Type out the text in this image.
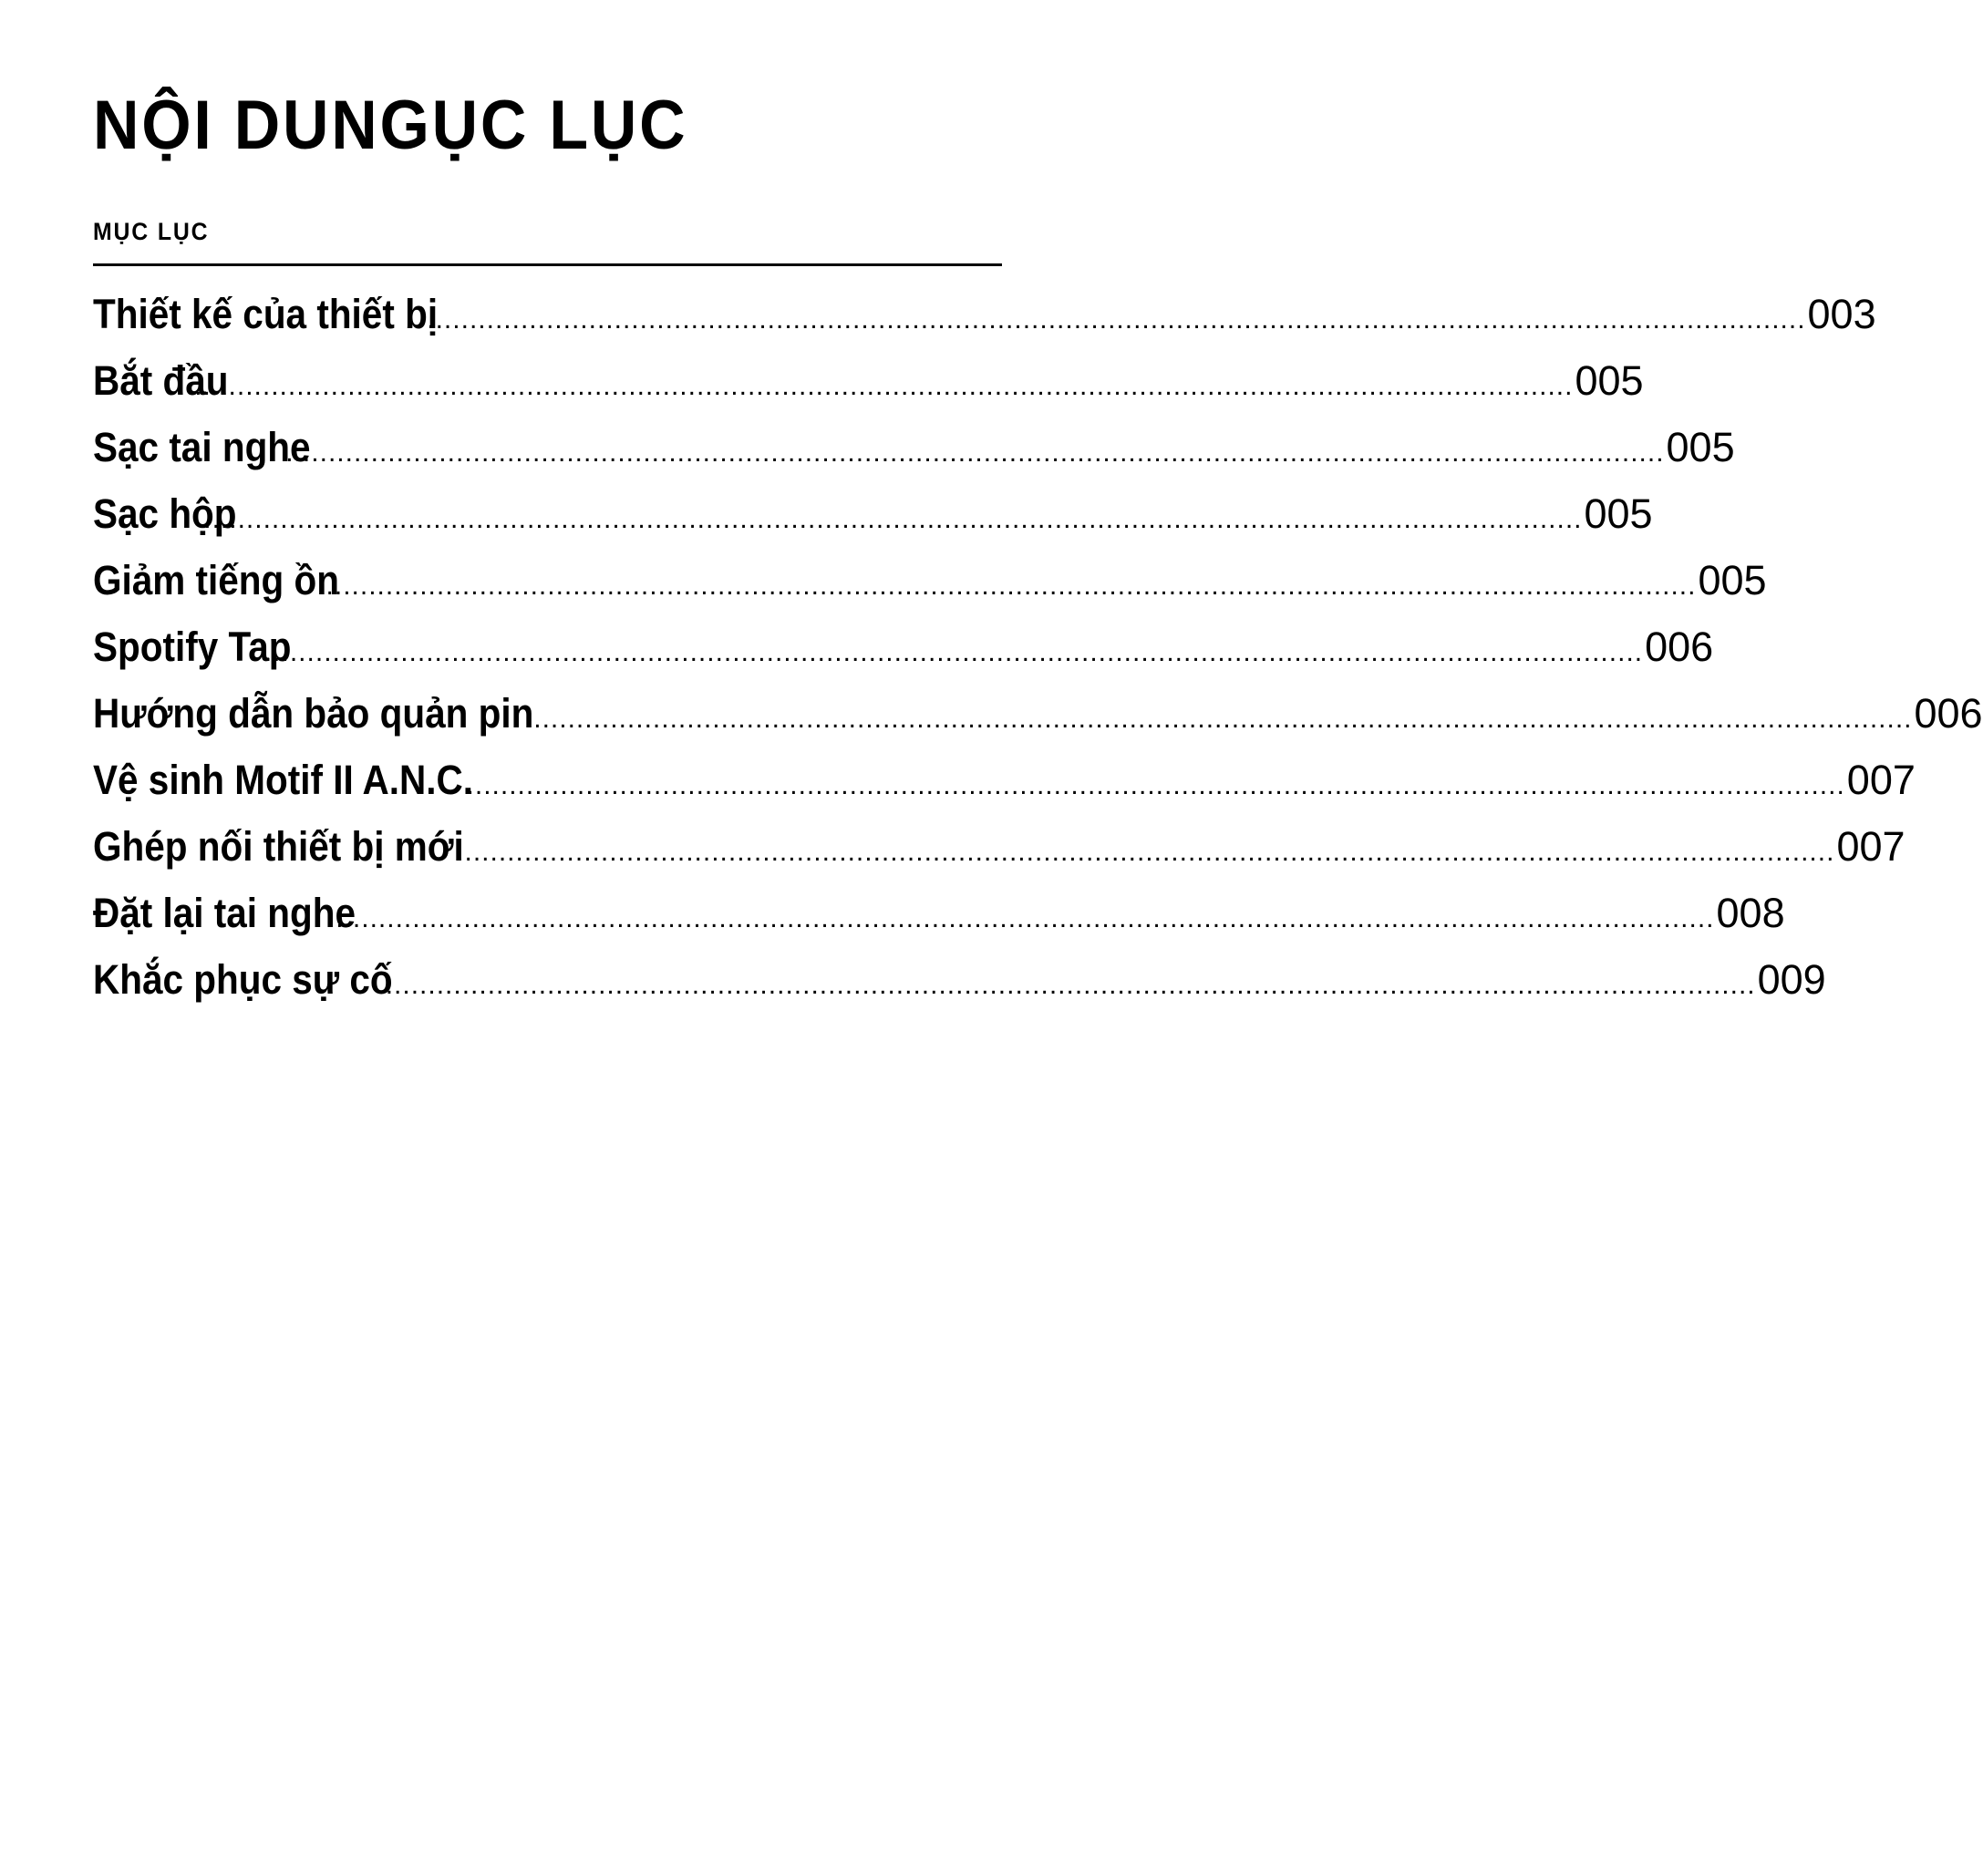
NỘI DUNGỤC LỤC
MỤC LỤC
Thiết kế của thiết bị
.................................................................................................................................................................. 003
Bắt đầu
.................................................................................................................................................................. 005
Sạc tai nghe
.................................................................................................................................................................. 005
Sạc hộp
.................................................................................................................................................................. 005
Giảm tiếng ồn
.................................................................................................................................................................. 005
Spotify Tap
.................................................................................................................................................................. 006
Hướng dẫn bảo quản pin .................................................................................................................................................................. 006
Vệ sinh Motif II A.N.C.
.................................................................................................................................................................. 007
Ghép nối thiết bị mới
.................................................................................................................................................................. 007
Đặt lại tai nghe
.................................................................................................................................................................. 008
Khắc phục sự cố
.................................................................................................................................................................. 009
